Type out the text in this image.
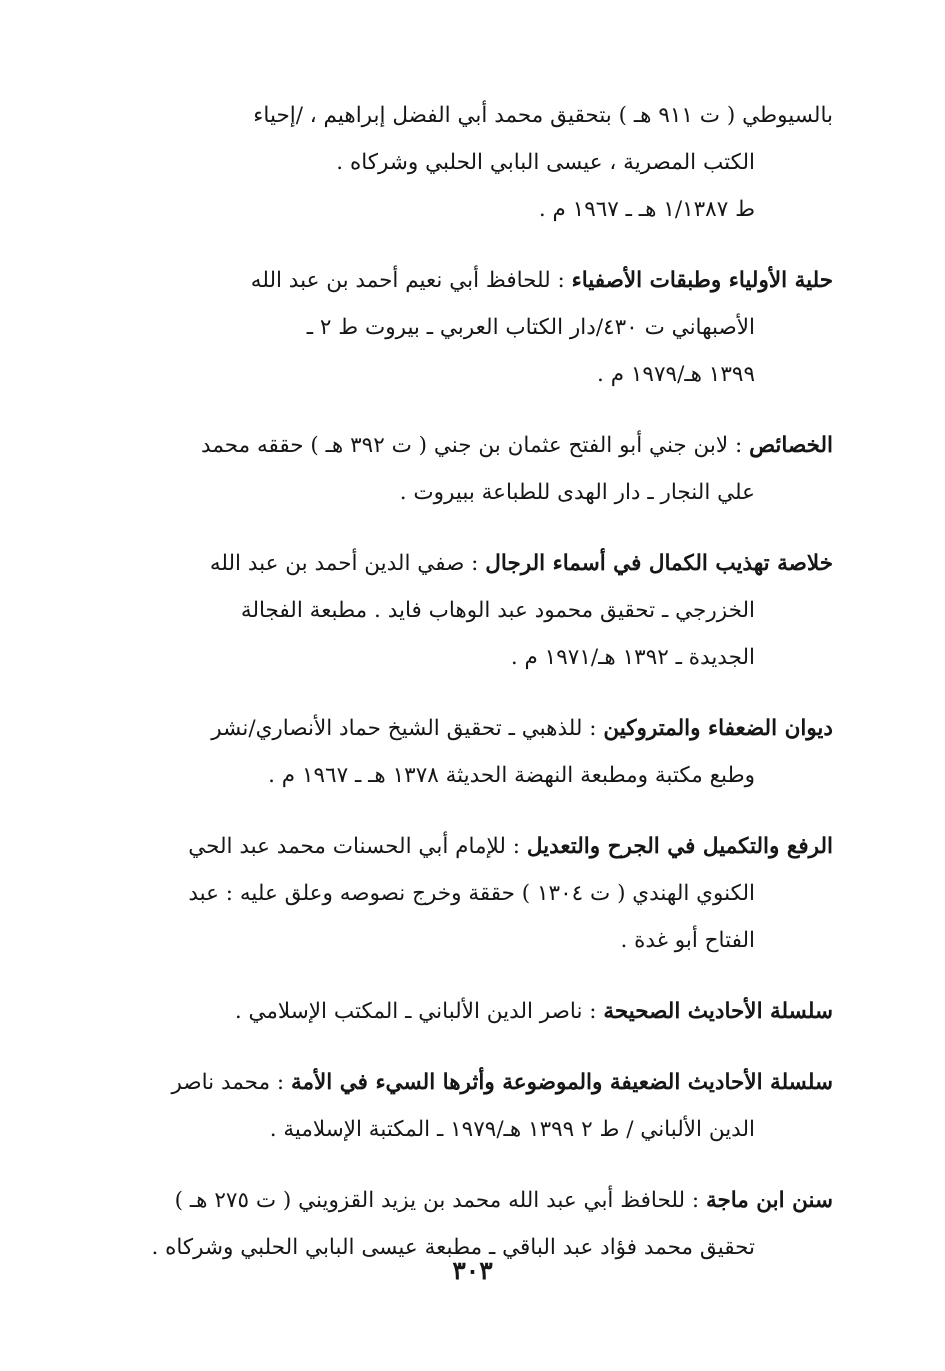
بالسيوطي ( ت ٩١١ هـ ) بتحقيق محمد أبي الفضل إبراهيم ، /إحياء
الكتب المصرية ، عيسى البابي الحلبي وشركاه .
ط ١/١٣٨٧ هـ ـ ١٩٦٧ م .

حلية الأولياء وطبقات الأصفياء : للحافظ أبي نعيم أحمد بن عبد الله
الأصبهاني ت ٤٣٠/دار الكتاب العربي ـ بيروت ط ٢ ـ
١٣٩٩ هـ/١٩٧٩ م .

الخصائص : لابن جني أبو الفتح عثمان بن جني ( ت ٣٩٢ هـ ) حققه محمد
علي النجار ـ دار الهدى للطباعة ببيروت .

خلاصة تهذيب الكمال في أسماء الرجال : صفي الدين أحمد بن عبد الله
الخزرجي ـ تحقيق محمود عبد الوهاب فايد . مطبعة الفجالة
الجديدة ـ ١٣٩٢ هـ/١٩٧١ م .

ديوان الضعفاء والمتروكين : للذهبي ـ تحقيق الشيخ حماد الأنصاري/نشر
وطبع مكتبة ومطبعة النهضة الحديثة ١٣٧٨ هـ ـ ١٩٦٧ م .

الرفع والتكميل في الجرح والتعديل : للإمام أبي الحسنات محمد عبد الحي
الكنوي الهندي ( ت ١٣٠٤ ) حققة وخرج نصوصه وعلق عليه : عبد
الفتاح أبو غدة .

سلسلة الأحاديث الصحيحة : ناصر الدين الألباني ـ المكتب الإسلامي .

سلسلة الأحاديث الضعيفة والموضوعة وأثرها السيء في الأمة : محمد ناصر
الدين الألباني / ط ٢ ١٣٩٩ هـ/١٩٧٩ ـ المكتبة الإسلامية .

سنن ابن ماجة : للحافظ أبي عبد الله محمد بن يزيد القزويني ( ت ٢٧٥ هـ )
تحقيق محمد فؤاد عبد الباقي ـ مطبعة عيسى البابي الحلبي وشركاه .

٣٠٣
